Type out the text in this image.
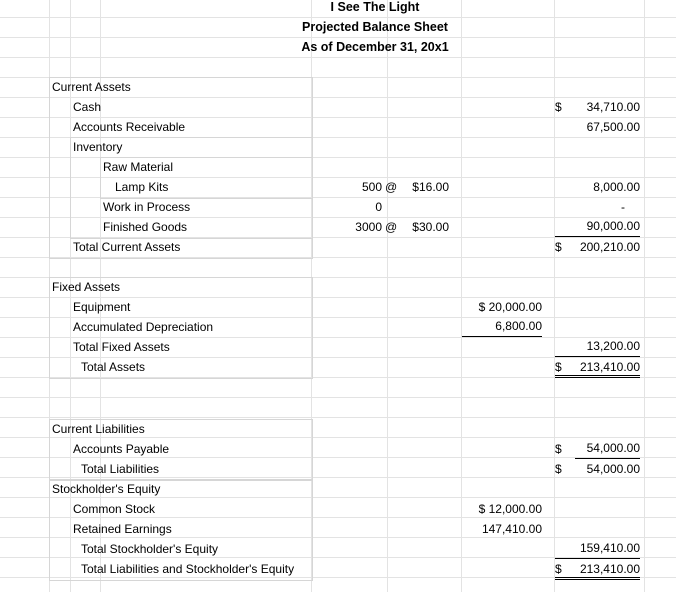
I See The Light
Projected Balance Sheet
As of December 31, 20x1
Current Assets
Cash	$	34,710.00
Accounts Receivable	67,500.00
Inventory
Raw Material
Lamp Kits	500 @	$16.00	8,000.00
Work in Process	0	-
Finished Goods	3000 @	$30.00	90,000.00
Total Current Assets	$	200,210.00
Fixed Assets
Equipment	$ 20,000.00
Accumulated Depreciation	6,800.00
Total Fixed Assets	13,200.00
Total Assets	$	213,410.00
Current Liabilities
Accounts Payable	$	54,000.00
Total Liabilities	$	54,000.00
Stockholder's Equity
Common Stock	$ 12,000.00
Retained Earnings	147,410.00
Total Stockholder's Equity	159,410.00
Total Liabilities and Stockholder's Equity	$	213,410.00
